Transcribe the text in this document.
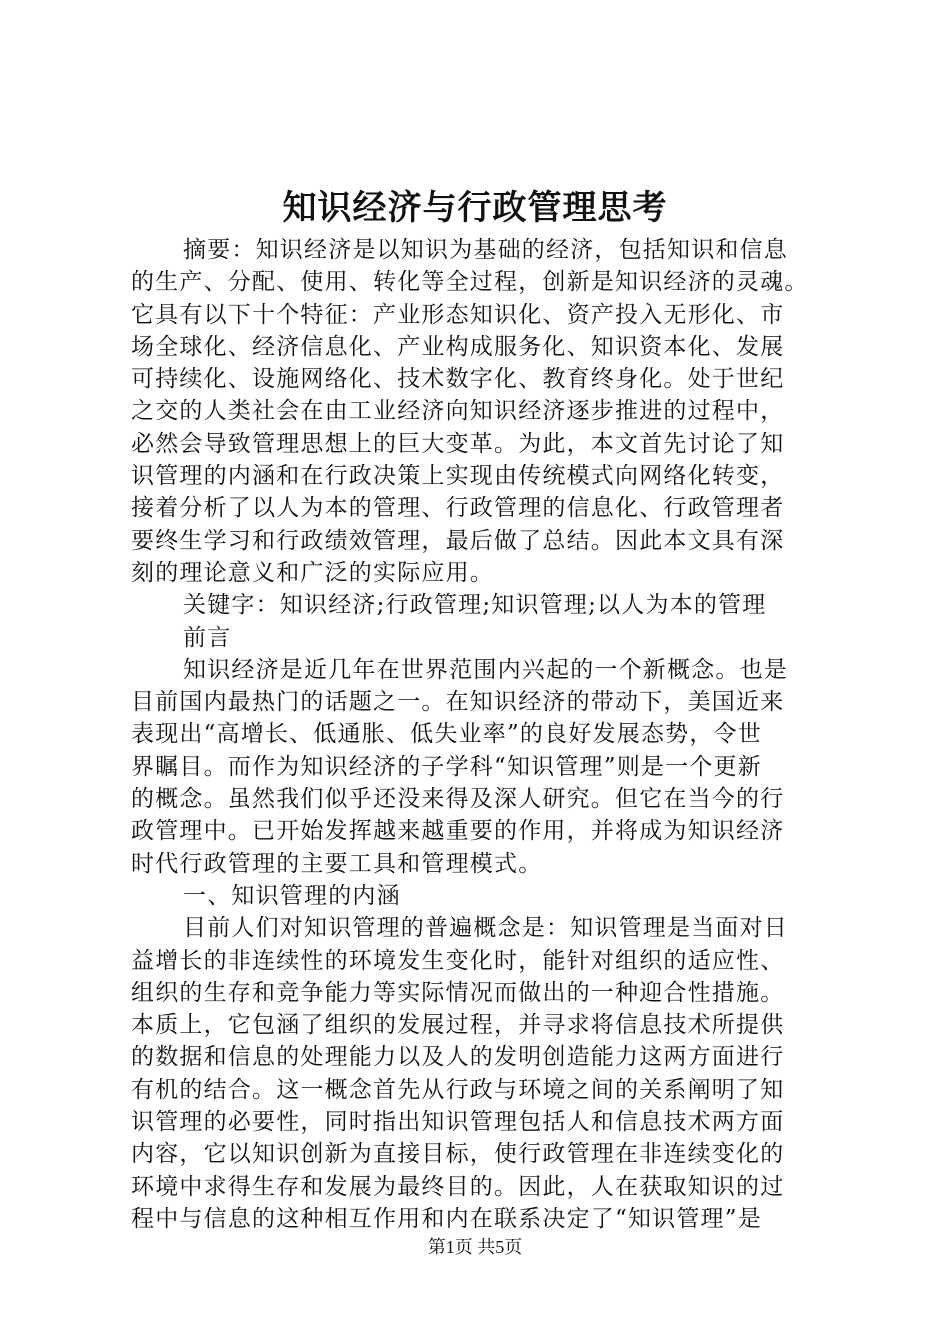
知识经济与行政管理思考
摘要：知识经济是以知识为基础的经济，包括知识和信息
的生产、分配、使用、转化等全过程，创新是知识经济的灵魂。
它具有以下十个特征：产业形态知识化、资产投入无形化、市
场全球化、经济信息化、产业构成服务化、知识资本化、发展
可持续化、设施网络化、技术数字化、教育终身化。处于世纪
之交的人类社会在由工业经济向知识经济逐步推进的过程中，
必然会导致管理思想上的巨大变革。为此，本文首先讨论了知
识管理的内涵和在行政决策上实现由传统模式向网络化转变，
接着分析了以人为本的管理、行政管理的信息化、行政管理者
要终生学习和行政绩效管理，最后做了总结。因此本文具有深
刻的理论意义和广泛的实际应用。
关键字：知识经济;行政管理;知识管理;以人为本的管理
前言
知识经济是近几年在世界范围内兴起的一个新概念。也是
目前国内最热门的话题之一。在知识经济的带动下，美国近来
表现出“高增长、低通胀、低失业率”的良好发展态势，令世
界瞩目。而作为知识经济的子学科“知识管理”则是一个更新
的概念。虽然我们似乎还没来得及深人研究。但它在当今的行
政管理中。已开始发挥越来越重要的作用，并将成为知识经济
时代行政管理的主要工具和管理模式。
一、知识管理的内涵
目前人们对知识管理的普遍概念是：知识管理是当面对日
益增长的非连续性的环境发生变化时，能针对组织的适应性、
组织的生存和竞争能力等实际情况而做出的一种迎合性措施。
本质上，它包涵了组织的发展过程，并寻求将信息技术所提供
的数据和信息的处理能力以及人的发明创造能力这两方面进行
有机的结合。这一概念首先从行政与环境之间的关系阐明了知
识管理的必要性，同时指出知识管理包括人和信息技术两方面
内容，它以知识创新为直接目标，使行政管理在非连续变化的
环境中求得生存和发展为最终目的。因此，人在获取知识的过
程中与信息的这种相互作用和内在联系决定了“知识管理”是
第1页 共5页
